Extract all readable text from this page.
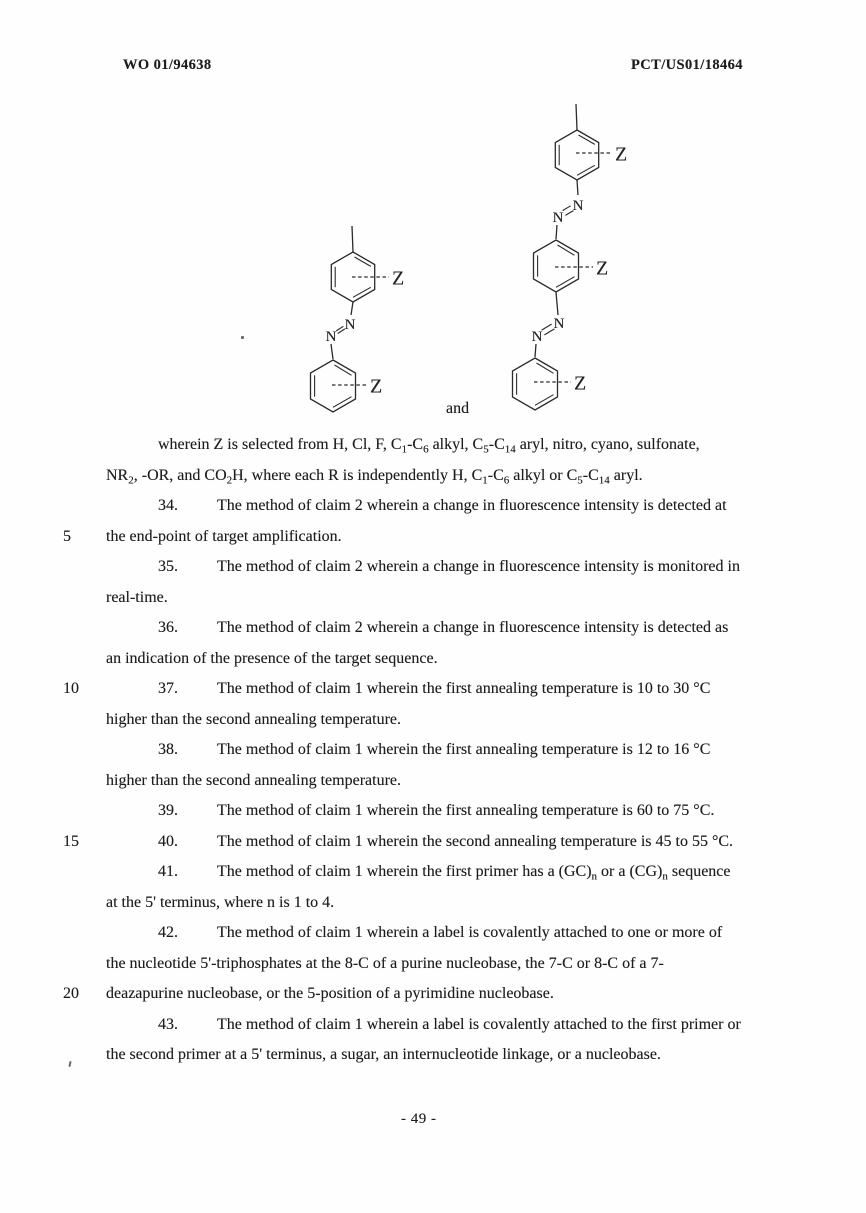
WO 01/94638	PCT/US01/18464
Z
N
N
Z
Z
N
N
Z
N
N
Z
and
wherein Z is selected from H, Cl, F, $C_1-C_6$ alkyl, $C_5-C_{14}$ aryl, nitro, cyano, sulfonate,
$NR_2$, -OR, and $CO_2H$, where each R is independently H, $C_1-C_6$ alkyl or $C_5-C_{14}$ aryl.
34. The method of claim 2 wherein a change in fluorescence intensity is detected at
5	the end-point of target amplification.
35. The method of claim 2 wherein a change in fluorescence intensity is monitored in
real-time.
36. The method of claim 2 wherein a change in fluorescence intensity is detected as
an indication of the presence of the target sequence.
10	37. The method of claim 1 wherein the first annealing temperature is 10 to 30 °C
higher than the second annealing temperature.
38. The method of claim 1 wherein the first annealing temperature is 12 to 16 °C
higher than the second annealing temperature.
39. The method of claim 1 wherein the first annealing temperature is 60 to 75 °C.
15	40. The method of claim 1 wherein the second annealing temperature is 45 to 55 °C.
41. The method of claim 1 wherein the first primer has a $(GC)_n$ or a $(CG)_n$ sequence
at the 5' terminus, where n is 1 to 4.
42. The method of claim 1 wherein a label is covalently attached to one or more of
the nucleotide 5'-triphosphates at the 8-C of a purine nucleobase, the 7-C or 8-C of a 7-
20	deazapurine nucleobase, or the 5-position of a pyrimidine nucleobase.
43. The method of claim 1 wherein a label is covalently attached to the first primer or
the second primer at a 5' terminus, a sugar, an internucleotide linkage, or a nucleobase.
- 49 -
